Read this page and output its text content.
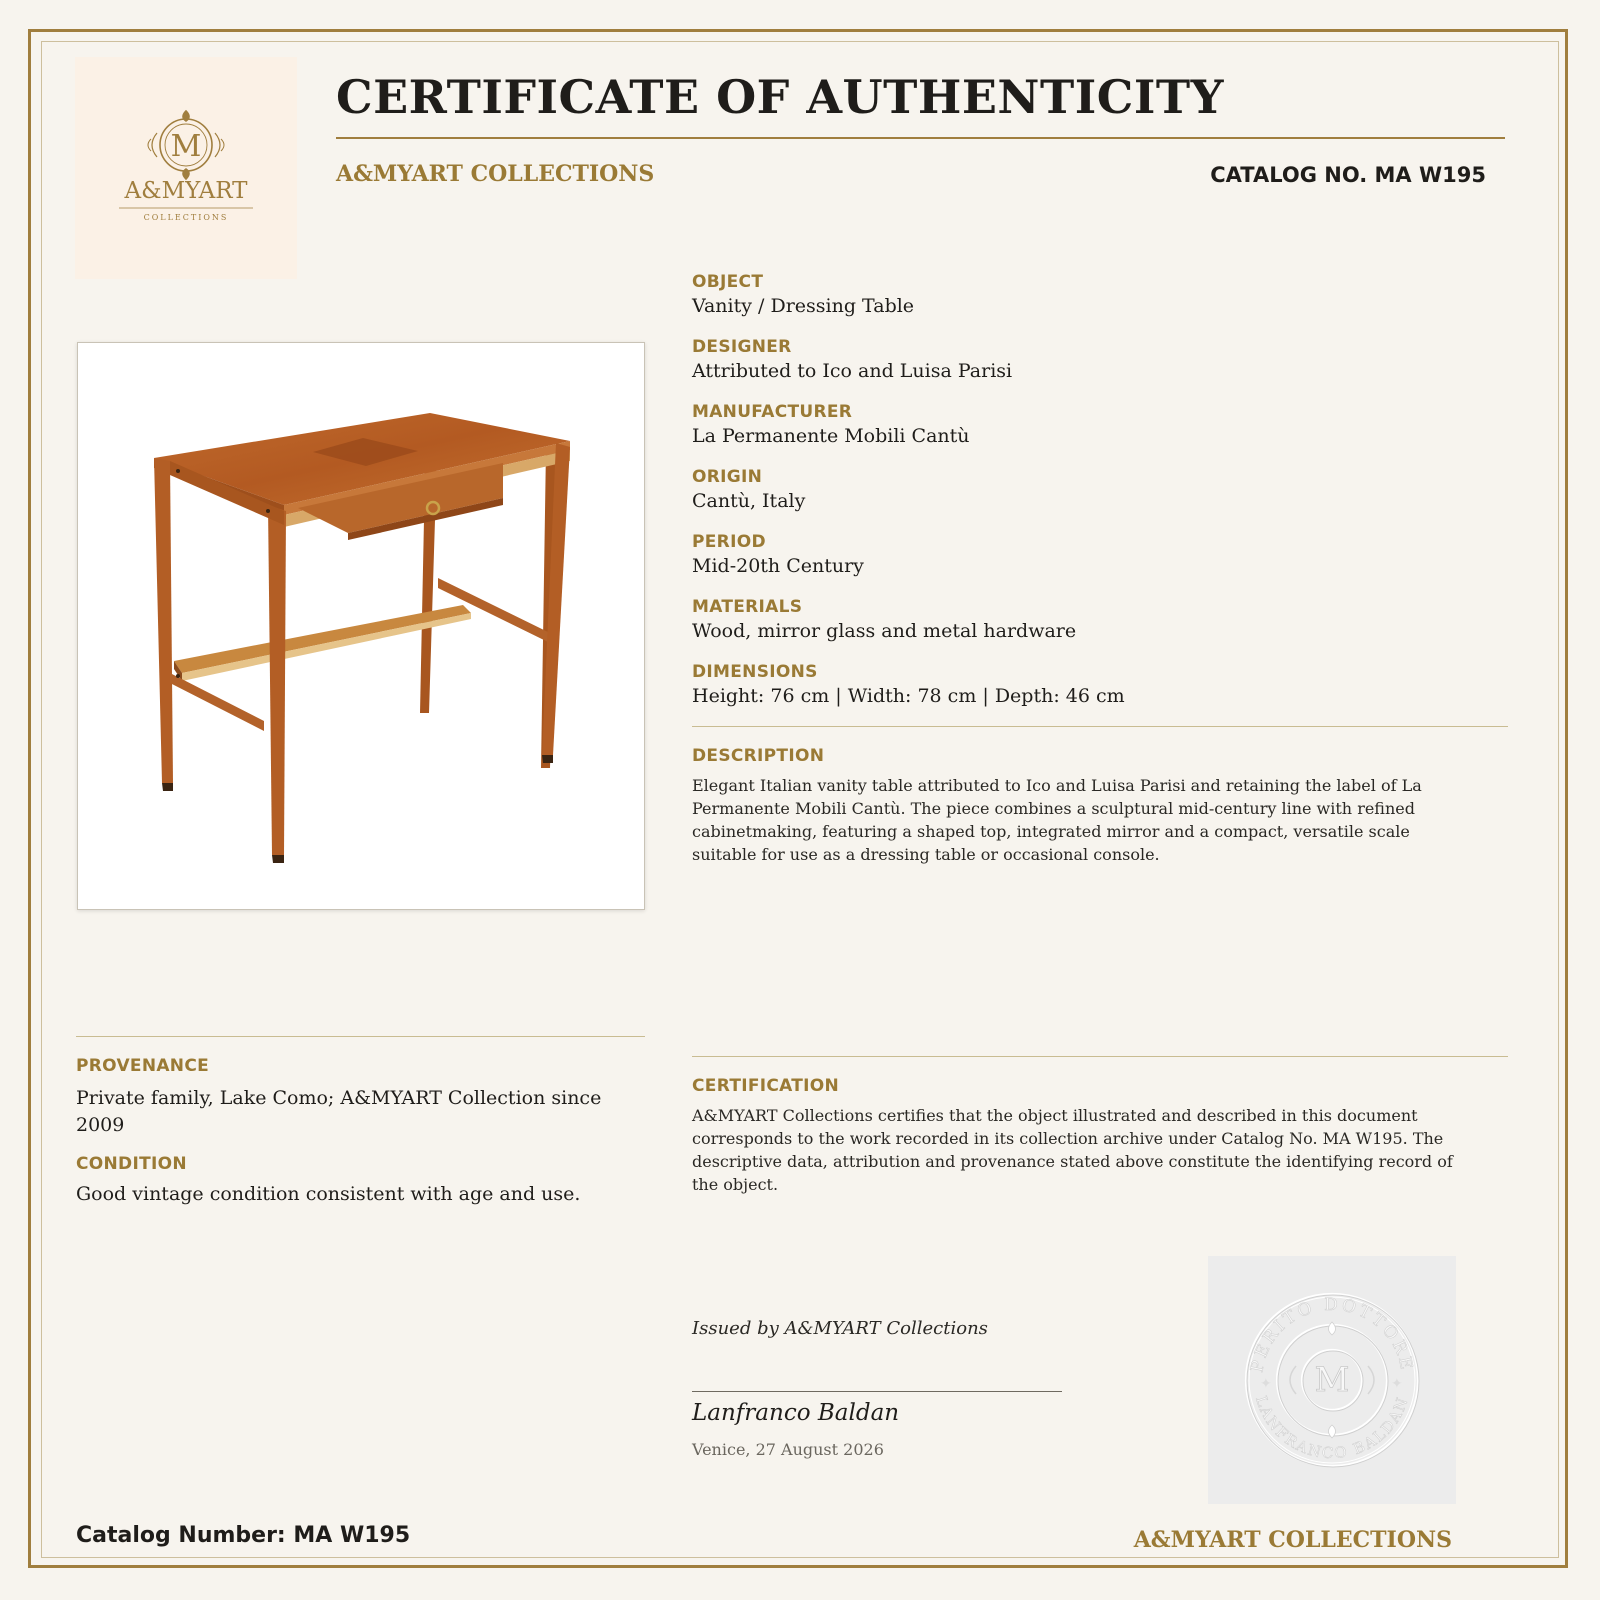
M
A&MYART
COLLECTIONS
CERTIFICATE OF AUTHENTICITY
A&MYART COLLECTIONS	CATALOG NO. MA W195
OBJECT
Vanity / Dressing Table
DESIGNER
Attributed to Ico and Luisa Parisi
MANUFACTURER
La Permanente Mobili Cantù
ORIGIN
Cantù, Italy
PERIOD
Mid-20th Century
MATERIALS
Wood, mirror glass and metal hardware
DIMENSIONS
Height: 76 cm | Width: 78 cm | Depth: 46 cm
DESCRIPTION

Elegant Italian vanity table attributed to Ico and Luisa Parisi and retaining the label of La

Permanente Mobili Cantù. The piece combines a sculptural mid-century line with refined

cabinetmaking, featuring a shaped top, integrated mirror and a compact, versatile scale

suitable for use as a dressing table or occasional console.

PROVENANCE
Private family, Lake Como; A&MYART Collection since
2009
CONDITION
Good vintage condition consistent with age and use.
CERTIFICATION

A&MYART Collections certifies that the object illustrated and described in this document

corresponds to the work recorded in its collection archive under Catalog No. MA W195. The

descriptive data, attribution and provenance stated above constitute the identifying record of

the object.

Issued by A&MYART Collections
Lanfranco Baldan
Venice, 27 August 2026
PERITO DOTTORE
LANFRANCO BALDAN
M
✦	✦
Catalog Number: MA W195	A&MYART COLLECTIONS
